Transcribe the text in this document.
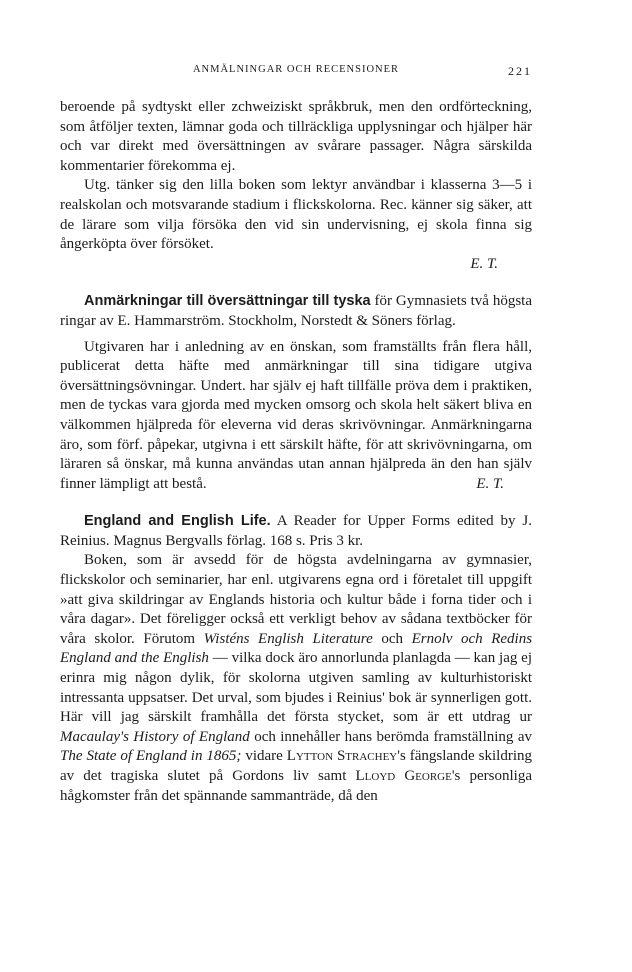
ANMÄLNINGAR OCH RECENSIONER	221

beroende på sydtyskt eller zchweiziskt språkbruk, men den ordförteckning, som åtföljer texten, lämnar goda och tillräckliga upplysningar och hjälper här och var direkt med översättningen av svårare passager. Några särskilda kommentarier förekomma ej.

Utg. tänker sig den lilla boken som lektyr användbar i klasserna 3—5 i realskolan och motsvarande stadium i flickskolorna. Rec. känner sig säker, att de lärare som vilja försöka den vid sin undervisning, ej skola finna sig ångerköpta över försöket.

E. T.

Anmärkningar till översättningar till tyska för Gymnasiets två högsta ringar av E. Hammarström. Stockholm, Norstedt & Söners förlag.

Utgivaren har i anledning av en önskan, som framställts från flera håll, publicerat detta häfte med anmärkningar till sina tidigare utgiva översättningsövningar. Undert. har själv ej haft tillfälle pröva dem i praktiken, men de tyckas vara gjorda med mycken omsorg och skola helt säkert bliva en välkommen hjälpreda för eleverna vid deras skrivövningar. Anmärkningarna äro, som förf. påpekar, utgivna i ett särskilt häfte, för att skrivövningarna, om läraren så önskar, må kunna användas utan annan hjälpreda än den han själv finner lämpligt att bestå.	E. T.

England and English Life. A Reader for Upper Forms edited by J. Reinius. Magnus Bergvalls förlag. 168 s. Pris 3 kr.

Boken, som är avsedd för de högsta avdelningarna av gymnasier, flickskolor och seminarier, har enl. utgivarens egna ord i företalet till uppgift »att giva skildringar av Englands historia och kultur både i forna tider och i våra dagar». Det föreligger också ett verkligt behov av sådana textböcker för våra skolor. Förutom Wisténs English Literature och Ernolv och Redins England and the English — vilka dock äro annorlunda planlagda — kan jag ej erinra mig någon dylik, för skolorna utgiven samling av kulturhistoriskt intressanta uppsatser. Det urval, som bjudes i Reinius' bok är synnerligen gott. Här vill jag särskilt framhålla det första stycket, som är ett utdrag ur Macaulay's History of England och innehåller hans berömda framställning av The State of England in 1865; vidare Lytton Strachey's fängslande skildring av det tragiska slutet på Gordons liv samt Lloyd George's personliga hågkomster från det spännande sammanträde, då den
